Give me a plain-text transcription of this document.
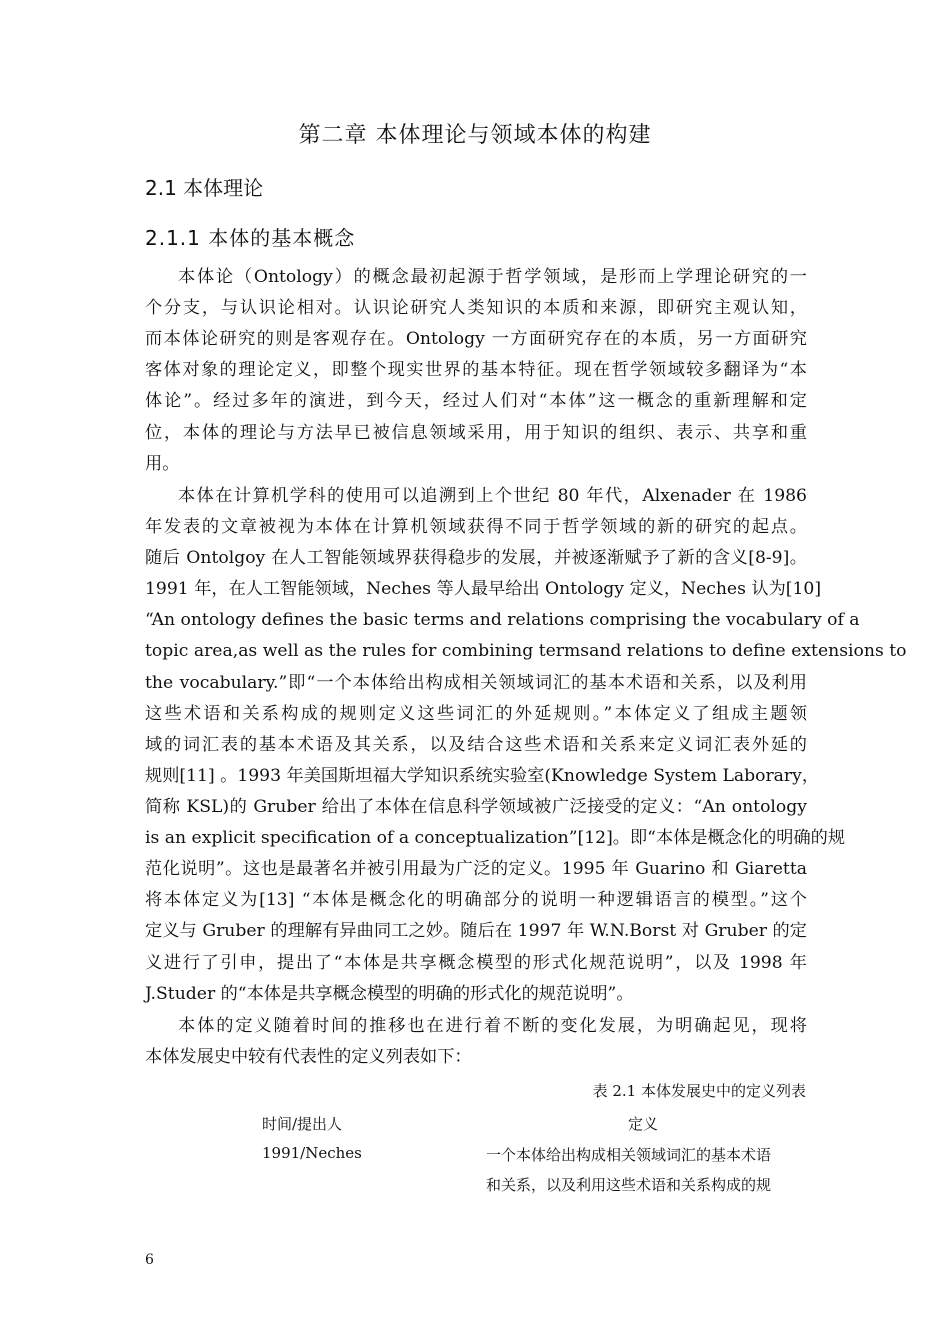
第二章 本体理论与领域本体的构建
2.1 本体理论
2.1.1 本体的基本概念
本体论（Ontology）的概念最初起源于哲学领域，是形而上学理论研究的一
个分支，与认识论相对。认识论研究人类知识的本质和来源，即研究主观认知，
而本体论研究的则是客观存在。Ontology 一方面研究存在的本质，另一方面研究
客体对象的理论定义，即整个现实世界的基本特征。现在哲学领域较多翻译为“本
体论”。经过多年的演进，到今天，经过人们对“本体”这一概念的重新理解和定
位，本体的理论与方法早已被信息领域采用，用于知识的组织、表示、共享和重
用。
本体在计算机学科的使用可以追溯到上个世纪 80 年代，Alxenader 在 1986
年发表的文章被视为本体在计算机领域获得不同于哲学领域的新的研究的起点。
随后 Ontolgoy 在人工智能领域界获得稳步的发展，并被逐渐赋予了新的含义[8-9]。
1991 年，在人工智能领域，Neches 等人最早给出 Ontology 定义，Neches 认为[10]
“An ontology defines the basic terms and relations comprising the vocabulary of a
topic area,as well as the rules for combining termsand relations to define extensions to
the vocabulary.”即“一个本体给出构成相关领域词汇的基本术语和关系，以及利用
这些术语和关系构成的规则定义这些词汇的外延规则。”本体定义了组成主题领
域的词汇表的基本术语及其关系，以及结合这些术语和关系来定义词汇表外延的
规则[11] 。1993 年美国斯坦福大学知识系统实验室(Knowledge System Laborary，
简称 KSL)的 Gruber 给出了本体在信息科学领域被广泛接受的定义：“An ontology
is an explicit specification of a conceptualization”[12]。即“本体是概念化的明确的规
范化说明”。这也是最著名并被引用最为广泛的定义。1995 年 Guarino 和 Giaretta
将本体定义为[13] “本体是概念化的明确部分的说明一种逻辑语言的模型。”这个
定义与 Gruber 的理解有异曲同工之妙。随后在 1997 年 W.N.Borst 对 Gruber 的定
义进行了引申，提出了“本体是共享概念模型的形式化规范说明”，以及 1998 年
J.Studer 的“本体是共享概念模型的明确的形式化的规范说明”。
本体的定义随着时间的推移也在进行着不断的变化发展，为明确起见，现将
本体发展史中较有代表性的定义列表如下：
表 2.1 本体发展史中的定义列表
时间/提出人	定义
1991/Neches	一个本体给出构成相关领域词汇的基本术语
和关系，以及利用这些术语和关系构成的规
6
